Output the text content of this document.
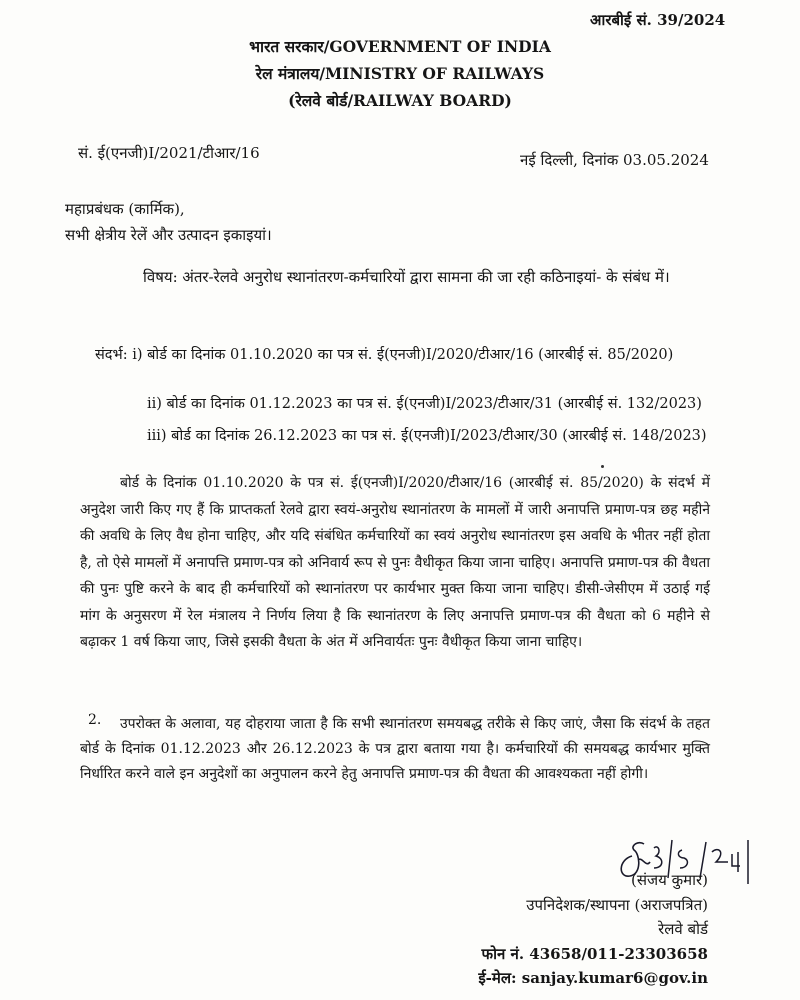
आरबीई सं. 39/2024
भारत सरकार/GOVERNMENT OF INDIA
रेल मंत्रालय/MINISTRY OF RAILWAYS
(रेलवे बोर्ड/RAILWAY BOARD)
सं. ई(एनजी)I/2021/टीआर/16	नई दिल्ली, दिनांक 03.05.2024
महाप्रबंधक (कार्मिक),
सभी क्षेत्रीय रेलें और उत्पादन इकाइयां।
विषय: अंतर-रेलवे अनुरोध स्थानांतरण-कर्मचारियों द्वारा सामना की जा रही कठिनाइयां- के संबंध में।
संदर्भ: i) बोर्ड का दिनांक 01.10.2020 का पत्र सं. ई(एनजी)I/2020/टीआर/16 (आरबीई सं. 85/2020)
ii) बोर्ड का दिनांक 01.12.2023 का पत्र सं. ई(एनजी)I/2023/टीआर/31 (आरबीई सं. 132/2023)
iii) बोर्ड का दिनांक 26.12.2023 का पत्र सं. ई(एनजी)I/2023/टीआर/30 (आरबीई सं. 148/2023)

बोर्ड के दिनांक 01.10.2020 के पत्र सं. ई(एनजी)I/2020/टीआर/16 (आरबीई सं. 85/2020) के संदर्भ में अनुदेश जारी किए गए हैं कि प्राप्तकर्ता रेलवे द्वारा स्वयं-अनुरोध स्थानांतरण के मामलों में जारी अनापत्ति प्रमाण-पत्र छह महीने की अवधि के लिए वैध होना चाहिए, और यदि संबंधित कर्मचारियों का स्वयं अनुरोध स्थानांतरण इस अवधि के भीतर नहीं होता है, तो ऐसे मामलों में अनापत्ति प्रमाण-पत्र को अनिवार्य रूप से पुनः वैधीकृत किया जाना चाहिए। अनापत्ति प्रमाण-पत्र की वैधता की पुनः पुष्टि करने के बाद ही कर्मचारियों को स्थानांतरण पर कार्यभार मुक्त किया जाना चाहिए। डीसी-जेसीएम में उठाई गई मांग के अनुसरण में रेल मंत्रालय ने निर्णय लिया है कि स्थानांतरण के लिए अनापत्ति प्रमाण-पत्र की वैधता को 6 महीने से बढ़ाकर 1 वर्ष किया जाए, जिसे इसकी वैधता के अंत में अनिवार्यतः पुनः वैधीकृत किया जाना चाहिए।

2.	उपरोक्त के अलावा, यह दोहराया जाता है कि सभी स्थानांतरण समयबद्ध तरीके से किए जाएं, जैसा कि संदर्भ के तहत बोर्ड के दिनांक 01.12.2023 और 26.12.2023 के पत्र द्वारा बताया गया है। कर्मचारियों की समयबद्ध कार्यभार मुक्ति निर्धारित करने वाले इन अनुदेशों का अनुपालन करने हेतु अनापत्ति प्रमाण-पत्र की वैधता की आवश्यकता नहीं होगी।

(संजय कुमार)
उपनिदेशक/स्थापना (अराजपत्रित)
रेलवे बोर्ड
फोन नं. 43658/011-23303658
ई-मेल: sanjay.kumar6@gov.in
